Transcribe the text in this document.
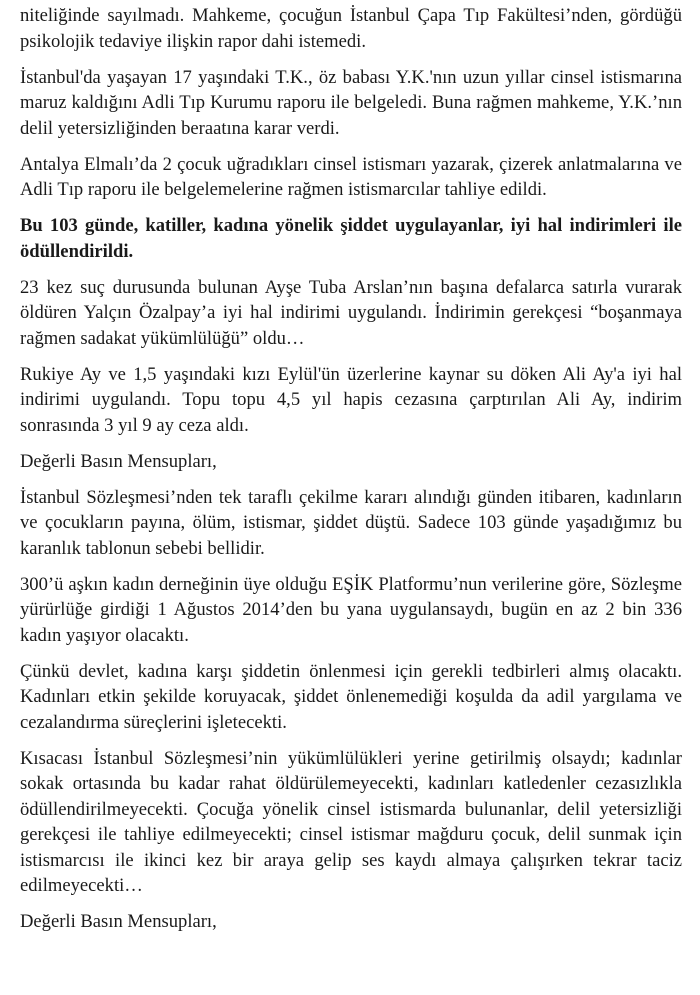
niteliğinde sayılmadı. Mahkeme, çocuğun İstanbul Çapa Tıp Fakültesi’nden, gördüğü psikolojik tedaviye ilişkin rapor dahi istemedi.

İstanbul'da yaşayan 17 yaşındaki T.K., öz babası Y.K.'nın uzun yıllar cinsel istismarına maruz kaldığını Adli Tıp Kurumu raporu ile belgeledi. Buna rağmen mahkeme, Y.K.’nın delil yetersizliğinden beraatına karar verdi.

Antalya Elmalı’da 2 çocuk uğradıkları cinsel istismarı yazarak, çizerek anlatmalarına ve Adli Tıp raporu ile belgelemelerine rağmen istismarcılar tahliye edildi.

Bu 103 günde, katiller, kadına yönelik şiddet uygulayanlar, iyi hal indirimleri ile ödüllendirildi.

23 kez suç durusunda bulunan Ayşe Tuba Arslan’nın başına defalarca satırla vurarak öldüren Yalçın Özalpay’a iyi hal indirimi uygulandı. İndirimin gerekçesi “boşanmaya rağmen sadakat yükümlülüğü” oldu…

Rukiye Ay ve 1,5 yaşındaki kızı Eylül'ün üzerlerine kaynar su döken Ali Ay'a iyi hal indirimi uygulandı. Topu topu 4,5 yıl hapis cezasına çarptırılan Ali Ay, indirim sonrasında 3 yıl 9 ay ceza aldı.

Değerli Basın Mensupları,

İstanbul Sözleşmesi’nden tek taraflı çekilme kararı alındığı günden itibaren, kadınların ve çocukların payına, ölüm, istismar, şiddet düştü. Sadece 103 günde yaşadığımız bu karanlık tablonun sebebi bellidir.

300’ü aşkın kadın derneğinin üye olduğu EŞİK Platformu’nun verilerine göre, Sözleşme yürürlüğe girdiği 1 Ağustos 2014’den bu yana uygulansaydı, bugün en az 2 bin 336 kadın yaşıyor olacaktı.

Çünkü devlet, kadına karşı şiddetin önlenmesi için gerekli tedbirleri almış olacaktı. Kadınları etkin şekilde koruyacak, şiddet önlenemediği koşulda da adil yargılama ve cezalandırma süreçlerini işletecekti.

Kısacası İstanbul Sözleşmesi’nin yükümlülükleri yerine getirilmiş olsaydı; kadınlar sokak ortasında bu kadar rahat öldürülemeyecekti, kadınları katledenler cezasızlıkla ödüllendirilmeyecekti. Çocuğa yönelik cinsel istismarda bulunanlar, delil yetersizliği gerekçesi ile tahliye edilmeyecekti; cinsel istismar mağduru çocuk, delil sunmak için istismarcısı ile ikinci kez bir araya gelip ses kaydı almaya çalışırken tekrar taciz edilmeyecekti…

Değerli Basın Mensupları,
